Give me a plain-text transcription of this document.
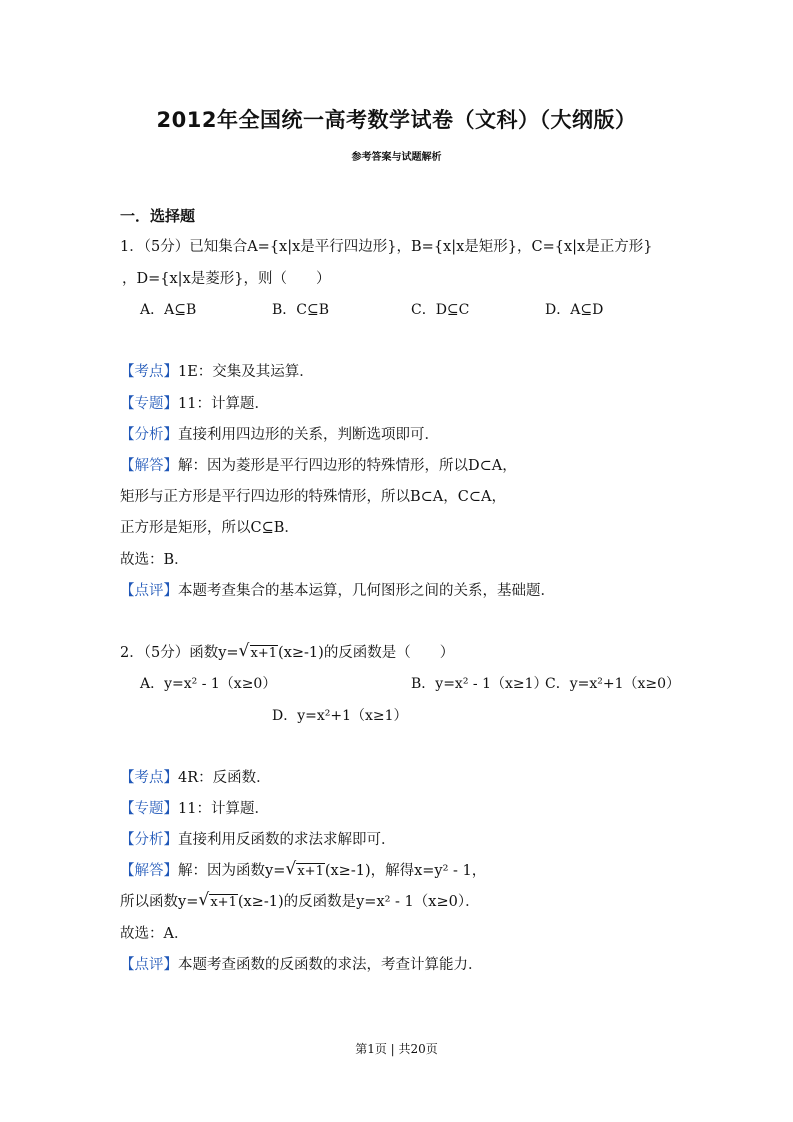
2012年全国统一高考数学试卷（文科）（大纲版）
参考答案与试题解析
一．选择题
1．（5分）已知集合A={x|x是平行四边形}，B={x|x是矩形}，C={x|x是正方形}
，D={x|x是菱形}，则（　　）
A．A⊆B	B．C⊆B	C．D⊆C	D．A⊆D
【考点】1E：交集及其运算．
【专题】11：计算题．
【分析】直接利用四边形的关系，判断选项即可．
【解答】解：因为菱形是平行四边形的特殊情形，所以D⊂A，
矩形与正方形是平行四边形的特殊情形，所以B⊂A，C⊂A，
正方形是矩形，所以C⊆B．
故选：B．
【点评】本题考查集合的基本运算，几何图形之间的关系，基础题．
2．（5分）函数y= √ x+1(x≥-1)的反函数是（　　）
A．y=x² - 1（x≥0）	B．y=x² - 1（x≥1）
C．y=x²+1（x≥0）
D．y=x²+1（x≥1）
【考点】4R：反函数．
【专题】11：计算题．
【分析】直接利用反函数的求法求解即可．
【解答】解：因为函数y= √ x+1(x≥-1)，解得x=y² - 1，
所以函数y= √ x+1(x≥-1)的反函数是y=x² - 1（x≥0）．
故选：A．
【点评】本题考查函数的反函数的求法，考查计算能力．
第1页 | 共20页
